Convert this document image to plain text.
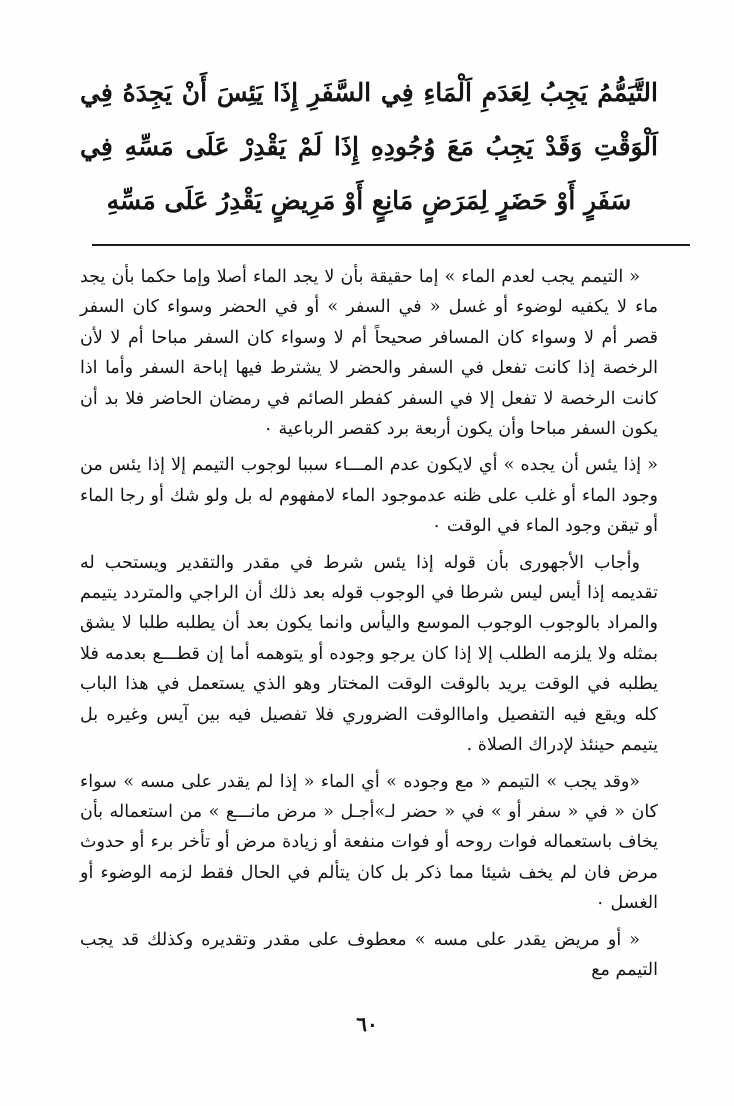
التَّيَمُّمُ يَجِبُ لِعَدَمِ اَلْمَاءِ فِي السَّفَرِ إِذَا يَئِسَ أَنْ يَجِدَهُ فِي اَلْوَقْتِ وَقَدْ يَجِبُ مَعَ وُجُودِهِ إِذَا لَمْ يَقْدِرْ عَلَى مَسِّهِ فِي سَفَرٍ أَوْ حَضَرٍ لِمَرَضٍ مَانِعٍ أَوْ مَرِيضٍ يَقْدِرُ عَلَى مَسِّهِ

« التيمم يجب لعدم الماء » إما حقيقة بأن لا يجد الماء أصلا وإما حكما بأن يجد ماء لا يكفيه لوضوء أو غسل « في السفر » أو في الحضر وسواء كان السفر قصر أم لا وسواء كان المسافر صحيحاً أم لا وسواء كان السفر مباحا أم لا لأن الرخصة إذا كانت تفعل في السفر والحضر لا يشترط فيها إباحة السفر وأما اذا كانت الرخصة لا تفعل إلا في السفر كفطر الصائم في رمضان الحاضر فلا بد أن يكون السفر مباحا وأن يكون أربعة برد كقصر الرباعية ٠

« إذا يئس أن يجده » أي لايكون عدم المـــاء سببا لوجوب التيمم إلا إذا يئس من وجود الماء أو غلب على ظنه عدموجود الماء لامفهوم له بل ولو شك أو رجا الماء أو تيقن وجود الماء في الوقت ٠

وأجاب الأجهورى بأن قوله إذا يئس شرط في مقدر والتقدير ويستحب له تقديمه إذا أيس ليس شرطا في الوجوب قوله بعد ذلك أن الراجي والمتردد يتيمم والمراد بالوجوب الوجوب الموسع واليأس وانما يكون بعد أن يطلبه طلبا لا يشق بمثله ولا يلزمه الطلب إلا إذا كان يرجو وجوده أو يتوهمه أما إن قطـــع بعدمه فلا يطلبه في الوقت يريد بالوقت الوقت المختار وهو الذي يستعمل في هذا الباب كله ويقع فيه التفصيل واماالوقت الضروري فلا تفصيل فيه بين آيس وغيره بل يتيمم حينئذ لإدراك الصلاة .

«وقد يجب » التيمم « مع وجوده » أي الماء « إذا لم يقدر على مسه » سواء كان « في « سفر أو » في « حضر لـ»أجـل « مرض مانـــع » من استعماله بأن يخاف باستعماله فوات روحه أو فوات منفعة أو زيادة مرض أو تأخر برء أو حدوث مرض فان لم يخف شيئا مما ذكر بل كان يتألم في الحال فقط لزمه الوضوء أو الغسل ٠

« أو مريض يقدر على مسه » معطوف على مقدر وتقديره وكذلك قد يجب التيمم مع

٦٠
